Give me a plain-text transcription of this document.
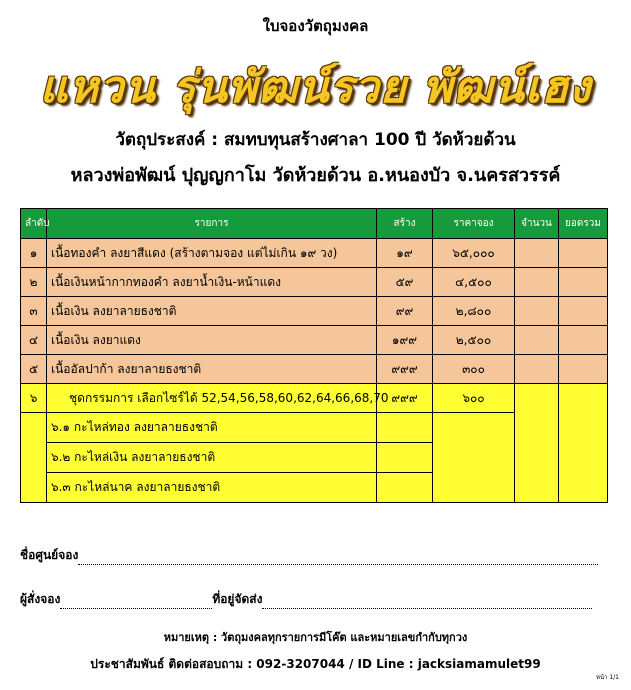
ใบจองวัตถุมงคล
แหวน รุ่นพัฒน์รวย พัฒน์เฮง
วัตถุประสงค์ : สมทบทุนสร้างศาลา 100 ปี วัดห้วยด้วน
หลวงพ่อพัฒน์ ปุญญกาโม วัดห้วยด้วน อ.หนองบัว จ.นครสวรรค์
ลำดับ	รายการ	สร้าง	ราคาจอง	จำนวน	ยอดรวม
๑	เนื้อทองคำ ลงยาสีแดง (สร้างตามจอง แต่ไม่เกิน ๑๙ วง)	๑๙	๖๕,๐๐๐		
๒	เนื้อเงินหน้ากากทองคำ ลงยาน้ำเงิน-หน้าแดง	๕๙	๔,๕๐๐		
๓	เนื้อเงิน ลงยาลายธงชาติ	๙๙	๒,๘๐๐		
๔	เนื้อเงิน ลงยาแดง	๑๙๙	๒,๕๐๐		
๕	เนื้ออัลปาก้า ลงยาลายธงชาติ	๙๙๙	๓๐๐		
๖	ชุดกรรมการ เลือกไซร์ได้ 52,54,56,58,60,62,64,66,68,70	๙๙๙	๖๐๐		
	๖.๑ กะไหล่ทอง ลงยาลายธงชาติ				
	๖.๒ กะไหล่เงิน ลงยาลายธงชาติ				
	๖.๓ กะไหล่นาค ลงยาลายธงชาติ				
ชื่อศูนย์จอง
ผู้สั่งจอง	ที่อยู่จัดส่ง
หมายเหตุ : วัตถุมงคลทุกรายการมีโค๊ต และหมายเลขกำกับทุกวง
ประชาสัมพันธ์ ติดต่อสอบถาม : 092-3207044 / ID Line : jacksiamamulet99
หน้า 1/1
